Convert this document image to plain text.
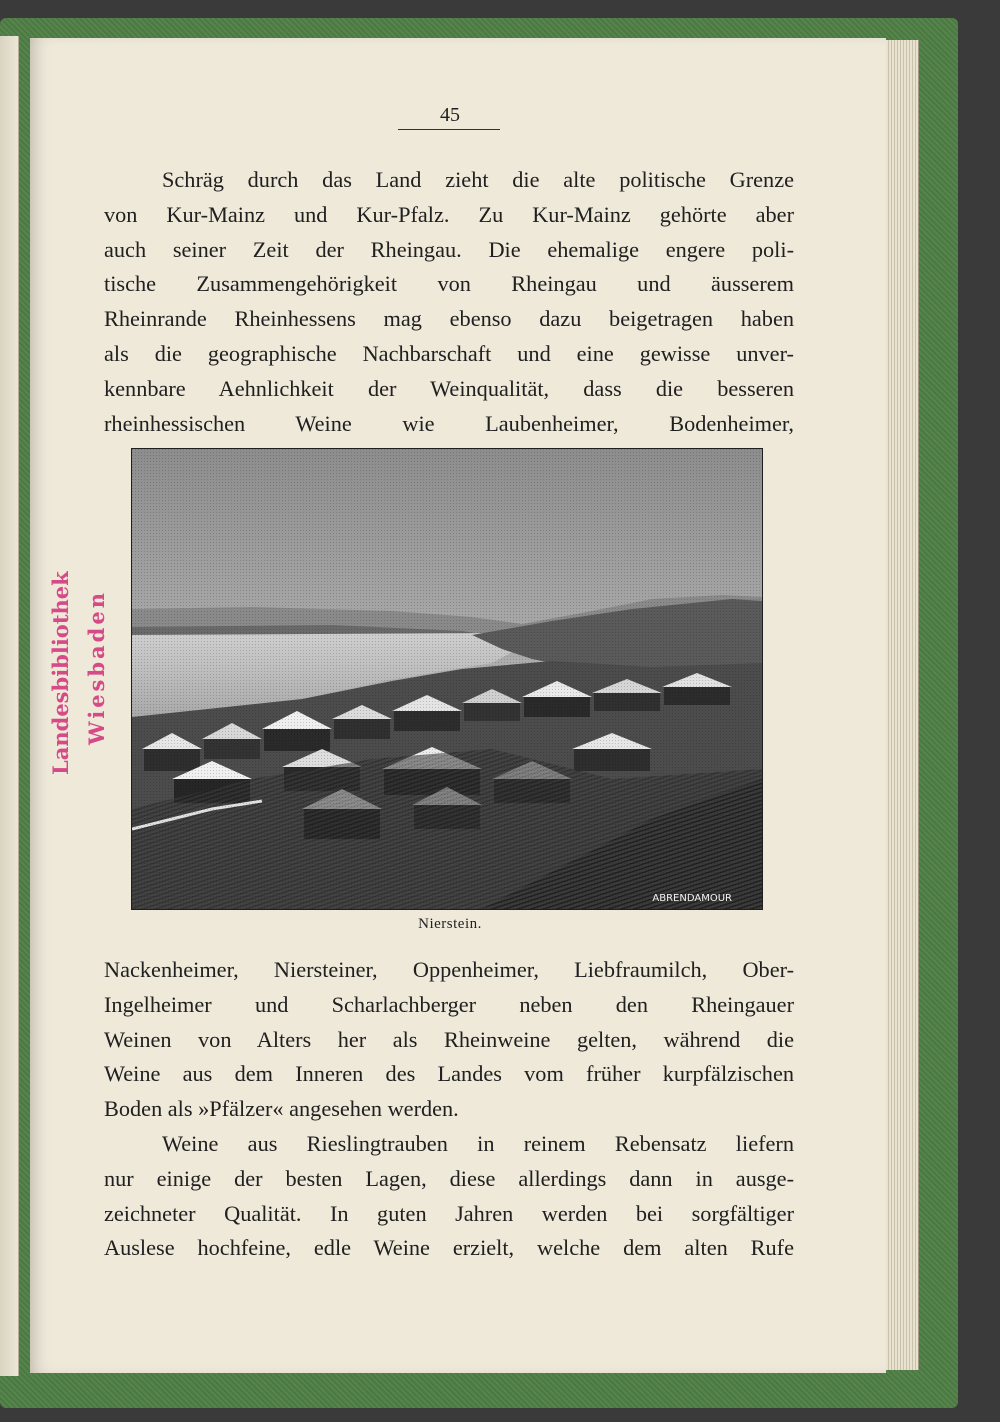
45
Schräg durch das Land zieht die alte politische Grenze
von Kur-Mainz und Kur-Pfalz. Zu Kur-Mainz gehörte aber
auch seiner Zeit der Rheingau. Die ehemalige engere poli-
tische Zusammengehörigkeit von Rheingau und äusserem
Rheinrande Rheinhessens mag ebenso dazu beigetragen haben
als die geographische Nachbarschaft und eine gewisse unver-
kennbare Aehnlichkeit der Weinqualität, dass die besseren
rheinhessischen Weine wie Laubenheimer, Bodenheimer,
ABRENDAMOUR
Nierstein.
Nackenheimer, Niersteiner, Oppenheimer, Liebfraumilch, Ober-
Ingelheimer und Scharlachberger neben den Rheingauer
Weinen von Alters her als Rheinweine gelten, während die
Weine aus dem Inneren des Landes vom früher kurpfälzischen
Boden als »Pfälzer« angesehen werden.
Weine aus Rieslingtrauben in reinem Rebensatz liefern
nur einige der besten Lagen, diese allerdings dann in ausge-
zeichneter Qualität. In guten Jahren werden bei sorgfältiger
Auslese hochfeine, edle Weine erzielt, welche dem alten Rufe
Landesbibliothek Wiesbaden
